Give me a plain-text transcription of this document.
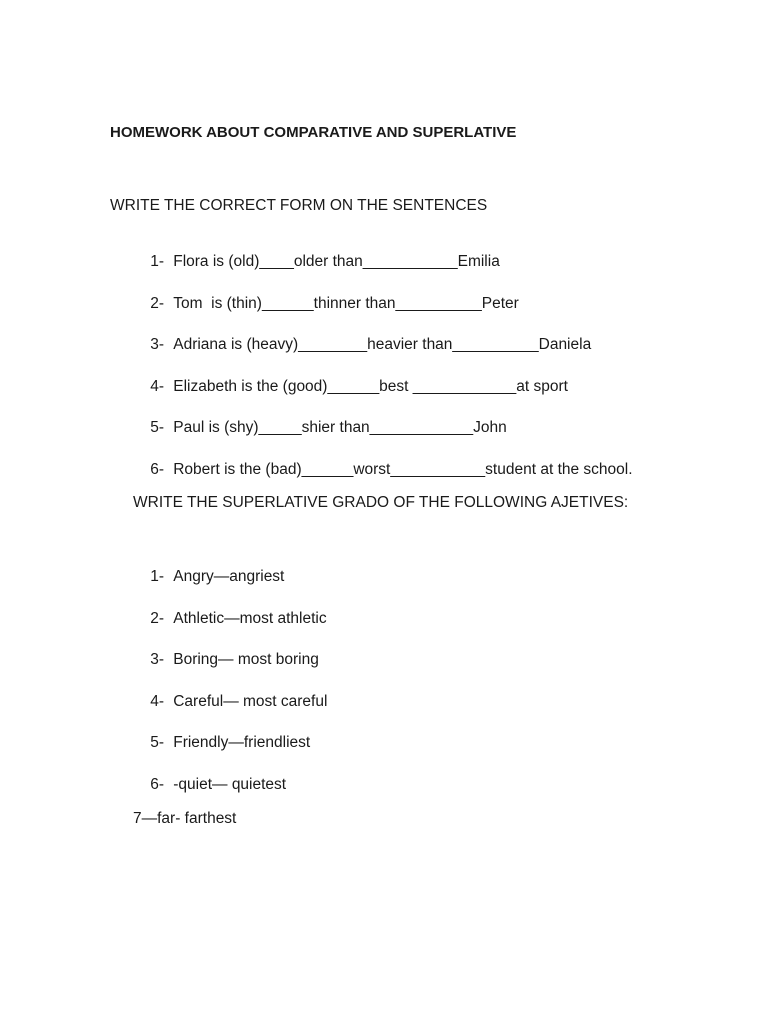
HOMEWORK ABOUT COMPARATIVE AND SUPERLATIVE
WRITE THE CORRECT FORM ON THE SENTENCES

1- Flora is (old)____older than___________Emilia

2- Tom  is (thin)______thinner than__________Peter

3- Adriana is (heavy)________heavier than__________Daniela

4- Elizabeth is the (good)______best ____________at sport

5- Paul is (shy)_____shier than____________John

6- Robert is the (bad)______worst___________student at the school.

WRITE THE SUPERLATIVE GRADO OF THE FOLLOWING AJETIVES:

1- Angry—angriest

2- Athletic—most athletic

3- Boring— most boring

4- Careful— most careful

5- Friendly—friendliest

6- -quiet— quietest

7—far- farthest
